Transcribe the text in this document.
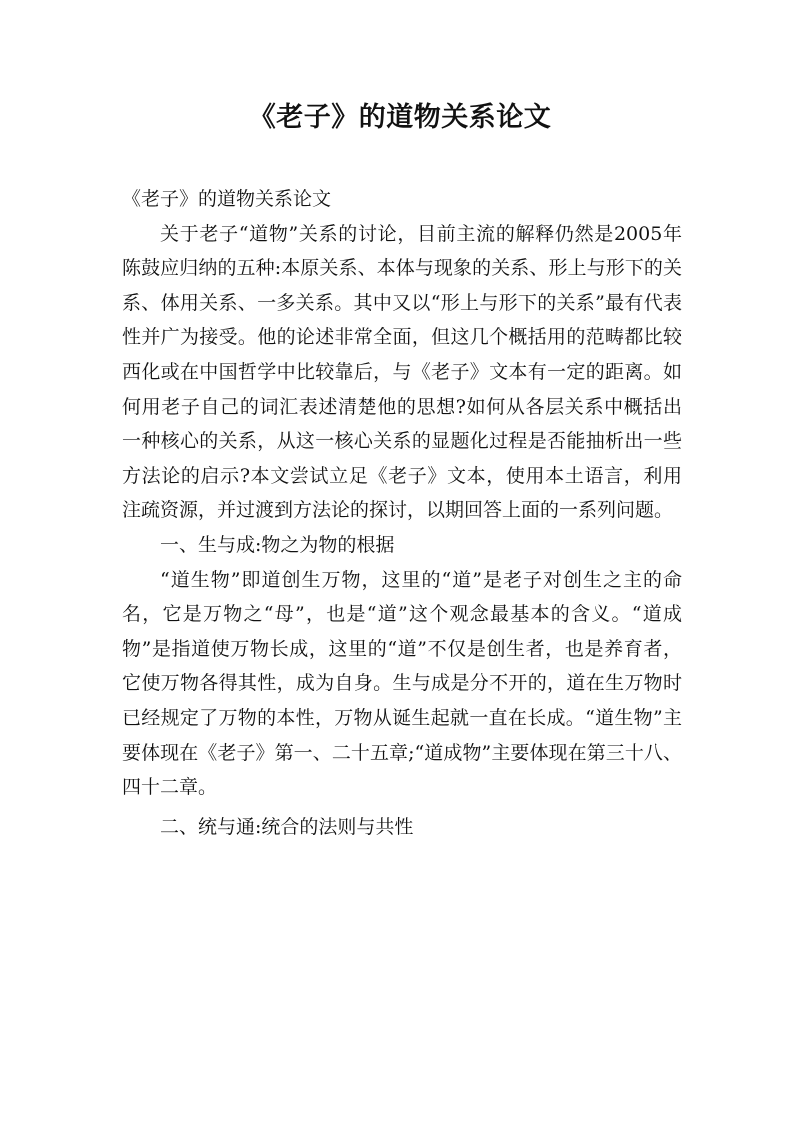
《老子》的道物关系论文

《老子》的道物关系论文

关于老子“道物”关系的讨论，目前主流的解释仍然是2005年陈鼓应归纳的五种:本原关系、本体与现象的关系、形上与形下的关系、体用关系、一多关系。其中又以“形上与形下的关系”最有代表性并广为接受。他的论述非常全面，但这几个概括用的范畴都比较西化或在中国哲学中比较靠后，与《老子》文本有一定的距离。如何用老子自己的词汇表述清楚他的思想?如何从各层关系中概括出一种核心的关系，从这一核心关系的显题化过程是否能抽析出一些方法论的启示?本文尝试立足《老子》文本，使用本土语言，利用注疏资源，并过渡到方法论的探讨，以期回答上面的一系列问题。

一、生与成:物之为物的根据

“道生物”即道创生万物，这里的“道”是老子对创生之主的命名，它是万物之“母”，也是“道”这个观念最基本的含义。“道成物”是指道使万物长成，这里的“道”不仅是创生者，也是养育者，它使万物各得其性，成为自身。生与成是分不开的，道在生万物时已经规定了万物的本性，万物从诞生起就一直在长成。“道生物”主要体现在《老子》第一、二十五章;“道成物”主要体现在第三十八、四十二章。

二、统与通:统合的法则与共性
